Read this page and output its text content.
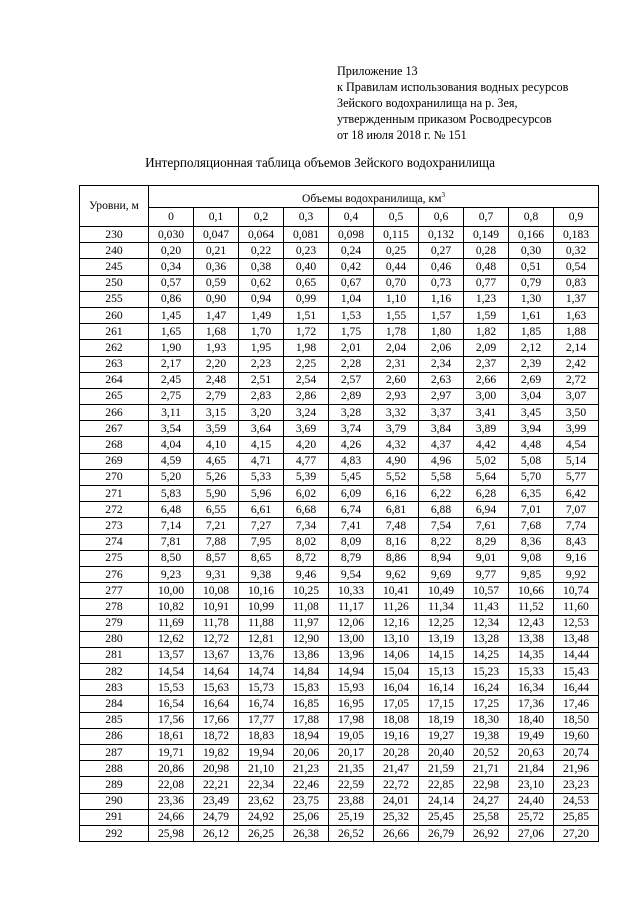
Приложение 13
к Правилам использования водных ресурсов
Зейского водохранилища на р. Зея,
утвержденным приказом Росводресурсов
от 18 июля 2018 г. № 151
Интерполяционная таблица объемов Зейского водохранилища
Уровни, м	Объемы водохранилища, $км^3$
	0	0,1	0,2	0,3	0,4	0,5	0,6	0,7	0,8	0,9
230	0,030	0,047	0,064	0,081	0,098	0,115	0,132	0,149	0,166	0,183
240	0,20	0,21	0,22	0,23	0,24	0,25	0,27	0,28	0,30	0,32
245	0,34	0,36	0,38	0,40	0,42	0,44	0,46	0,48	0,51	0,54
250	0,57	0,59	0,62	0,65	0,67	0,70	0,73	0,77	0,79	0,83
255	0,86	0,90	0,94	0,99	1,04	1,10	1,16	1,23	1,30	1,37
260	1,45	1,47	1,49	1,51	1,53	1,55	1,57	1,59	1,61	1,63
261	1,65	1,68	1,70	1,72	1,75	1,78	1,80	1,82	1,85	1,88
262	1,90	1,93	1,95	1,98	2,01	2,04	2,06	2,09	2,12	2,14
263	2,17	2,20	2,23	2,25	2,28	2,31	2,34	2,37	2,39	2,42
264	2,45	2,48	2,51	2,54	2,57	2,60	2,63	2,66	2,69	2,72
265	2,75	2,79	2,83	2,86	2,89	2,93	2,97	3,00	3,04	3,07
266	3,11	3,15	3,20	3,24	3,28	3,32	3,37	3,41	3,45	3,50
267	3,54	3,59	3,64	3,69	3,74	3,79	3,84	3,89	3,94	3,99
268	4,04	4,10	4,15	4,20	4,26	4,32	4,37	4,42	4,48	4,54
269	4,59	4,65	4,71	4,77	4,83	4,90	4,96	5,02	5,08	5,14
270	5,20	5,26	5,33	5,39	5,45	5,52	5,58	5,64	5,70	5,77
271	5,83	5,90	5,96	6,02	6,09	6,16	6,22	6,28	6,35	6,42
272	6,48	6,55	6,61	6,68	6,74	6,81	6,88	6,94	7,01	7,07
273	7,14	7,21	7,27	7,34	7,41	7,48	7,54	7,61	7,68	7,74
274	7,81	7,88	7,95	8,02	8,09	8,16	8,22	8,29	8,36	8,43
275	8,50	8,57	8,65	8,72	8,79	8,86	8,94	9,01	9,08	9,16
276	9,23	9,31	9,38	9,46	9,54	9,62	9,69	9,77	9,85	9,92
277	10,00	10,08	10,16	10,25	10,33	10,41	10,49	10,57	10,66	10,74
278	10,82	10,91	10,99	11,08	11,17	11,26	11,34	11,43	11,52	11,60
279	11,69	11,78	11,88	11,97	12,06	12,16	12,25	12,34	12,43	12,53
280	12,62	12,72	12,81	12,90	13,00	13,10	13,19	13,28	13,38	13,48
281	13,57	13,67	13,76	13,86	13,96	14,06	14,15	14,25	14,35	14,44
282	14,54	14,64	14,74	14,84	14,94	15,04	15,13	15,23	15,33	15,43
283	15,53	15,63	15,73	15,83	15,93	16,04	16,14	16,24	16,34	16,44
284	16,54	16,64	16,74	16,85	16,95	17,05	17,15	17,25	17,36	17,46
285	17,56	17,66	17,77	17,88	17,98	18,08	18,19	18,30	18,40	18,50
286	18,61	18,72	18,83	18,94	19,05	19,16	19,27	19,38	19,49	19,60
287	19,71	19,82	19,94	20,06	20,17	20,28	20,40	20,52	20,63	20,74
288	20,86	20,98	21,10	21,23	21,35	21,47	21,59	21,71	21,84	21,96
289	22,08	22,21	22,34	22,46	22,59	22,72	22,85	22,98	23,10	23,23
290	23,36	23,49	23,62	23,75	23,88	24,01	24,14	24,27	24,40	24,53
291	24,66	24,79	24,92	25,06	25,19	25,32	25,45	25,58	25,72	25,85
292	25,98	26,12	26,25	26,38	26,52	26,66	26,79	26,92	27,06	27,20
